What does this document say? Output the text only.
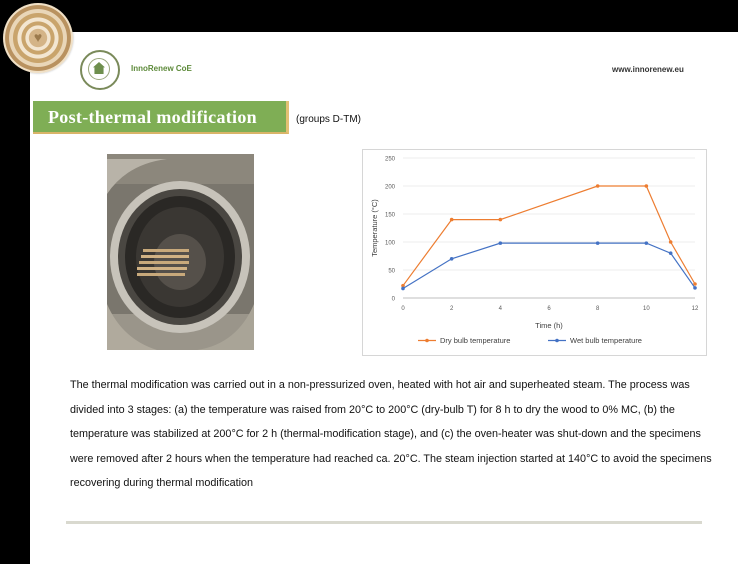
♥
InnoRenew CoE	www.innorenew.eu
Post-thermal modification	(groups D-TM)
0
50
100
150
200
250
0	2	4	6	8	10	12
Time (h)
Temperature (°C)
Dry bulb temperature	Wet bulb temperature
The thermal modification was carried out in a non-pressurized oven, heated with hot air and superheated steam. The process was divided into 3 stages: (a) the temperature was raised from 20°C to 200°C (dry-bulb T) for 8 h to dry the wood to 0% MC, (b) the temperature was stabilized at 200°C for 2 h (thermal-modification stage), and (c) the oven-heater was shut-down and the specimens were removed after 2 hours when the temperature had reached ca. 20°C. The steam injection started at 140°C to avoid the specimens recovering during thermal modification
